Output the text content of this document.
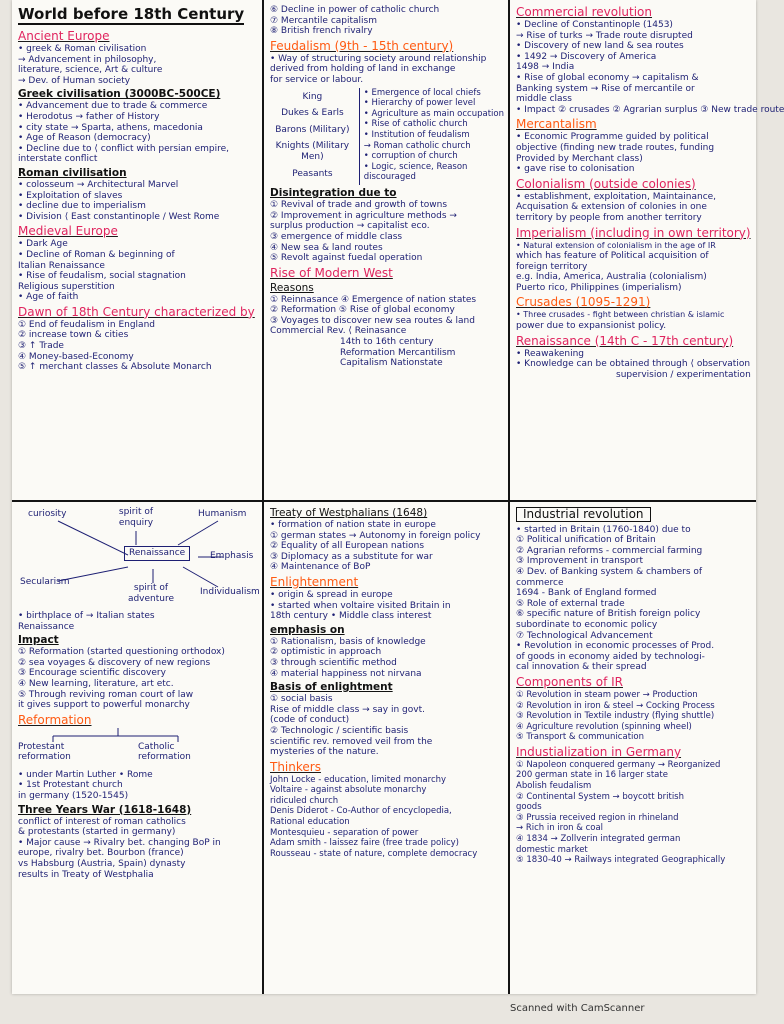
World before 18th Century
Ancient Europe
• greek & Roman civilisation
→ Advancement in philosophy,
literature, science, Art & culture
→ Dev. of Human society
Greek civilisation (3000BC-500CE)
• Advancement due to trade & commerce
• Herodotus → father of History
• city state → Sparta, athens, macedonia
• Age of Reason (democracy)
• Decline due to ⟨ conflict with persian empire,
interstate conflict
Roman civilisation
• colosseum → Architectural Marvel
• Exploitation of slaves
• decline due to imperialism
• Division ⟨ East constantinople / West Rome
Medieval Europe
• Dark Age
• Decline of Roman & beginning of
Italian Renaissance
• Rise of feudalism, social stagnation
Religious superstition
• Age of faith
Dawn of 18th Century characterized by
① End of feudalism in England
② increase town & cities
③ ↑ Trade
④ Money-based-Economy
⑤ ↑ merchant classes & Absolute Monarch
⑥ Decline in power of catholic church
⑦ Mercantile capitalism
⑧ British french rivalry
Feudalism (9th - 15th century)
• Way of structuring society around relationship
derived from holding of land in exchange
for service or labour.
King
Dukes & Earls
Barons (Military)
Knights (Military Men)
Peasants
• Emergence of local chiefs
• Hierarchy of power level
• Agriculture as main occupation
• Rise of catholic church
• Institution of feudalism
→ Roman catholic church
• corruption of church
• Logic, science, Reason
discouraged
Disintegration due to
① Revival of trade and growth of towns
② Improvement in agriculture methods →
surplus production → capitalist eco.
③ emergence of middle class
④ New sea & land routes
⑤ Revolt against fuedal operation
Rise of Modern West
Reasons
① Reinnasance ④ Emergence of nation states
② Reformation ⑤ Rise of global economy
③ Voyages to discover new sea routes & land
Commercial Rev. ⟨ Reinasance
14th to 16th century
Reformation Mercantilism
Capitalism Nationstate
Commercial revolution
• Decline of Constantinople (1453)
→ Rise of turks → Trade route disrupted
• Discovery of new land & sea routes
• 1492 → Discovery of America
1498 → India
• Rise of global economy → capitalism &
Banking system → Rise of mercantile or
middle class
• Impact ② crusades ② Agrarian surplus ③ New trade route
Mercantalism
• Economic Programme guided by political
objective (finding new trade routes, funding
Provided by Merchant class)
• gave rise to colonisation
Colonialism (outside colonies)
• establishment, exploitation, Maintainance,
Acquisation & extension of colonies in one
territory by people from another territory
Imperialism (including in own territory)
• Natural extension of colonialism in the age of IR
which has feature of Political acquisition of
foreign territory
e.g. India, America, Australia (colonialism)
Puerto rico, Philippines (imperialism)
Crusades (1095-1291)
• Three crusades - fight between christian & islamic
power due to expansionist policy.
Renaissance (14th C - 17th century)
• Reawakening
• Knowledge can be obtained through ⟨ observation
supervision / experimentation
curiosity	spirit of enquiry
Humanism
Renaissance	Emphasis
Secularism
spirit of adventure
Individualism
• birthplace of → Italian states
Renaissance
Impact
① Reformation (started questioning orthodox)
② sea voyages & discovery of new regions
③ Encourage scientific discovery
④ New learning, literature, art etc.
⑤ Through reviving roman court of law
it gives support to powerful monarchy
Reformation
Protestant reformation
Catholic reformation
• under Martin Luther • Rome
• 1st Protestant church
in germany (1520-1545)
Three Years War (1618-1648)
conflict of interest of roman catholics
& protestants (started in germany)
• Major cause → Rivalry bet. changing BoP in
europe, rivalry bet. Bourbon (france)
vs Habsburg (Austria, Spain) dynasty
results in Treaty of Westphalia
Treaty of Westphalians (1648)
• formation of nation state in europe
① german states → Autonomy in foreign policy
② Equality of all European nations
③ Diplomacy as a substitute for war
④ Maintenance of BoP
Enlightenment
• origin & spread in europe
• started when voltaire visited Britain in
18th century • Middle class interest
emphasis on
① Rationalism, basis of knowledge
② optimistic in approach
③ through scientific method
④ material happiness not nirvana
Basis of enlightment
① social basis
Rise of middle class → say in govt.
(code of conduct)
② Technologic / scientific basis
scientific rev. removed veil from the
mysteries of the nature.
Thinkers
John Locke - education, limited monarchy
Voltaire - against absolute monarchy
ridiculed church
Denis Diderot - Co-Author of encyclopedia,
Rational education
Montesquieu - separation of power
Adam smith - laissez faire (free trade policy)
Rousseau - state of nature, complete democracy
Industrial revolution
• started in Britain (1760-1840) due to
① Political unification of Britain
② Agrarian reforms - commercial farming
③ Improvement in transport
④ Dev. of Banking system & chambers of
commerce
1694 - Bank of England formed
⑤ Role of external trade
⑥ specific nature of British foreign policy
subordinate to economic policy
⑦ Technological Advancement
• Revolution in economic processes of Prod.
of goods in economy aided by technologi-
cal innovation & their spread
Components of IR
① Revolution in steam power → Production
② Revolution in iron & steel → Cocking Process
③ Revolution in Textile industry (flying shuttle)
④ Agriculture revolution (spinning wheel)
⑤ Transport & communication
Industialization in Germany
① Napoleon conquered germany → Reorganized
200 german state in 16 larger state
Abolish feudalism
② Continental System → boycott british
goods
③ Prussia received region in rhineland
→ Rich in iron & coal
④ 1834 → Zollverin integrated german
domestic market
⑤ 1830-40 → Railways integrated Geographically
Scanned with CamScanner
